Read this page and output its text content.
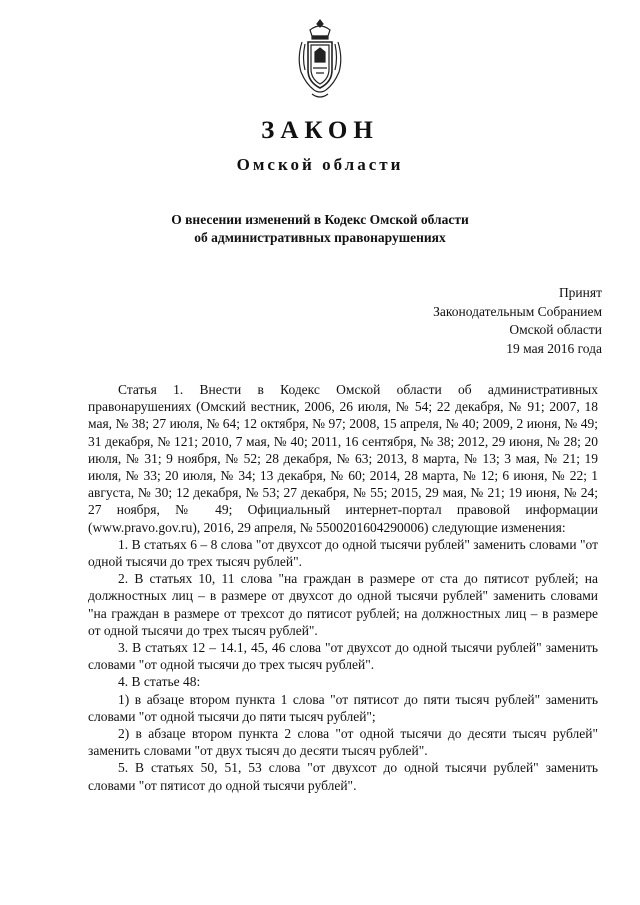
ЗАКОН
Омской области
О внесении изменений в Кодекс Омской области
об административных правонарушениях
Принят
Законодательным Собранием
Омской области
19 мая 2016 года

Статья 1. Внести в Кодекс Омской области об административных правонарушениях (Омский вестник, 2006, 26 июля, № 54; 22 декабря, № 91; 2007, 18 мая, № 38; 27 июля, № 64; 12 октября, № 97; 2008, 15 апреля, № 40; 2009, 2 июня, № 49; 31 декабря, № 121; 2010, 7 мая, № 40; 2011, 16 сентября, № 38; 2012, 29 июня, № 28; 20 июля, № 31; 9 ноября, № 52; 28 декабря, № 63; 2013, 8 марта, № 13; 3 мая, № 21; 19 июля, № 33; 20 июля, № 34; 13 декабря, № 60; 2014, 28 марта, № 12; 6 июня, № 22; 1 августа, № 30; 12 декабря, № 53; 27 декабря, № 55; 2015, 29 мая, № 21; 19 июня, № 24; 27 ноября, № 49; Официальный интернет-портал правовой информации (www.pravo.gov.ru), 2016, 29 апреля, № 5500201604290006) следующие изменения:

1. В статьях 6 – 8 слова "от двухсот до одной тысячи рублей" заменить словами "от одной тысячи до трех тысяч рублей".

2. В статьях 10, 11 слова "на граждан в размере от ста до пятисот рублей; на должностных лиц – в размере от двухсот до одной тысячи рублей" заменить словами "на граждан в размере от трехсот до пятисот рублей; на должностных лиц – в размере от одной тысячи до трех тысяч рублей".

3. В статьях 12 – 14.1, 45, 46 слова "от двухсот до одной тысячи рублей" заменить словами "от одной тысячи до трех тысяч рублей".

4. В статье 48:

1) в абзаце втором пункта 1 слова "от пятисот до пяти тысяч рублей" заменить словами "от одной тысячи до пяти тысяч рублей";

2) в абзаце втором пункта 2 слова "от одной тысячи до десяти тысяч рублей" заменить словами "от двух тысяч до десяти тысяч рублей".

5. В статьях 50, 51, 53 слова "от двухсот до одной тысячи рублей" заменить словами "от пятисот до одной тысячи рублей".
